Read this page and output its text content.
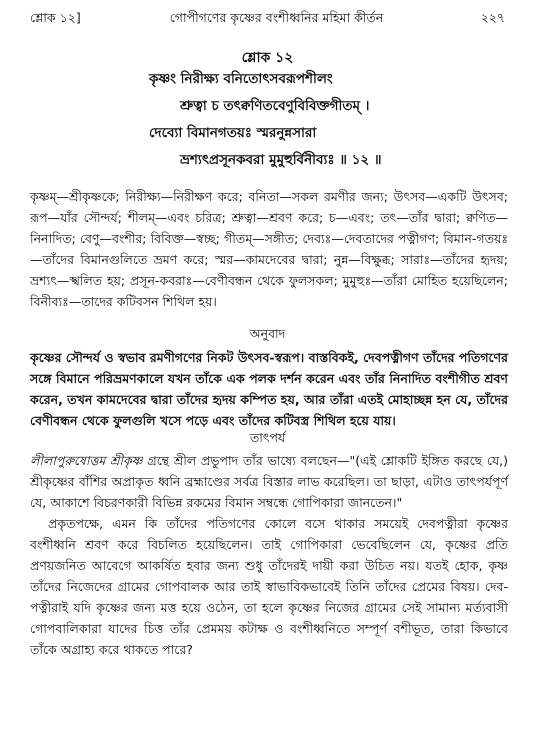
শ্লোক ১২]	গোপীগণের কৃষ্ণের বংশীধ্বনির মহিমা কীর্তন	২২৭
শ্লোক ১২
কৃষ্ণং নিরীক্ষ্য বনিতোৎসবরূপশীলং
শ্রুত্বা চ তৎক্বণিতবেণুবিবিক্তগীতম্ ।
দেব্যো বিমানগতয়ঃ স্মরনুন্নসারা
ভ্রশ্যৎপ্রসূনকবরা মুমুহুর্বিনীব্যঃ ॥ ১২ ॥

কৃষ্ণম্—শ্রীকৃষ্ণকে; নিরীক্ষ্য—নিরীক্ষণ করে; বনিতা—সকল রমণীর জন্য; উৎসব—একটি উৎসব; রূপ—যাঁর সৌন্দর্য; শীলম্—এবং চরিত্র; শ্রুত্বা—শ্রবণ করে; চ—এবং; তৎ—তাঁর দ্বারা; ক্বণিত—নিনাদিত; বেণু—বংশীর; বিবিক্ত—স্বচ্ছ; গীতম্—সঙ্গীত; দেব্যঃ—দেবতাদের পত্নীগণ; বিমান-গতয়ঃ—তাঁদের বিমানগুলিতে ভ্রমণ করে; স্মর—কামদেবের দ্বারা; নুন্ন—বিক্ষুব্ধ; সারাঃ—তাঁদের হৃদয়; ভ্রশ্যৎ—স্খলিত হয়; প্রসূন-কবরাঃ—বেণীবন্ধন থেকে ফুলসকল; মুমুহুঃ—তাঁরা মোহিত হয়েছিলেন; বিনীব্যঃ—তাদের কটিবসন শিথিল হয়।

অনুবাদ
কৃষ্ণের সৌন্দর্য ও স্বভাব রমণীগণের নিকট উৎসব-স্বরূপ। বাস্তবিকই, দেবপত্নীগণ তাঁদের পতিগণের সঙ্গে বিমানে পরিভ্রমণকালে যখন তাঁকে এক পলক দর্শন করেন এবং তাঁর নিনাদিত বংশীগীত শ্রবণ করেন, তখন কামদেবের দ্বারা তাঁদের হৃদয় কম্পিত হয়, আর তাঁরা এতই মোহাচ্ছন্ন হন যে, তাঁদের বেণীবন্ধন থেকে ফুলগুলি খসে পড়ে এবং তাঁদের কটিবস্ত্র শিথিল হয়ে যায়।
তাৎপর্য

লীলাপুরুষোত্তম শ্রীকৃষ্ণ গ্রন্থে শ্রীল প্রভুপাদ তাঁর ভাষ্যে বলছেন—"(এই শ্লোকটি ইঙ্গিত করছে যে,) শ্রীকৃষ্ণের বাঁশির অপ্রাকৃত ধ্বনি ব্রহ্মাণ্ডের সর্বত্র বিস্তার লাভ করেছিল। তা ছাড়া, এটাও তাৎপর্যপূর্ণ যে, আকাশে বিচরণকারী বিভিন্ন রকমের বিমান সম্বন্ধে গোপিকারা জানতেন।"

প্রকৃতপক্ষে, এমন কি তাঁদের পতিগণের কোলে বসে থাকার সময়েই দেবপত্নীরা কৃষ্ণের বংশীধ্বনি শ্রবণ করে বিচলিত হয়েছিলেন। তাই গোপিকারা ভেবেছিলেন যে, কৃষ্ণের প্রতি প্রণয়জনিত আবেগে আকর্ষিত হবার জন্য শুধু তাঁদেরই দায়ী করা উচিত নয়। যতই হোক, কৃষ্ণ তাঁদের নিজেদের গ্রামের গোপবালক আর তাই স্বাভাবিকভাবেই তিনি তাঁদের প্রেমের বিষয়। দেব-পত্নীরাই যদি কৃষ্ণের জন্য মত্ত হয়ে ওঠেন, তা হলে কৃষ্ণের নিজের গ্রামের সেই সামান্য মর্ত্যবাসী গোপবালিকারা যাদের চিত্ত তাঁর প্রেমময় কটাক্ষ ও বংশীধ্বনিতে সম্পূর্ণ বশীভূত, তারা কিভাবে তাঁকে অগ্রাহ্য করে থাকতে পারে?
